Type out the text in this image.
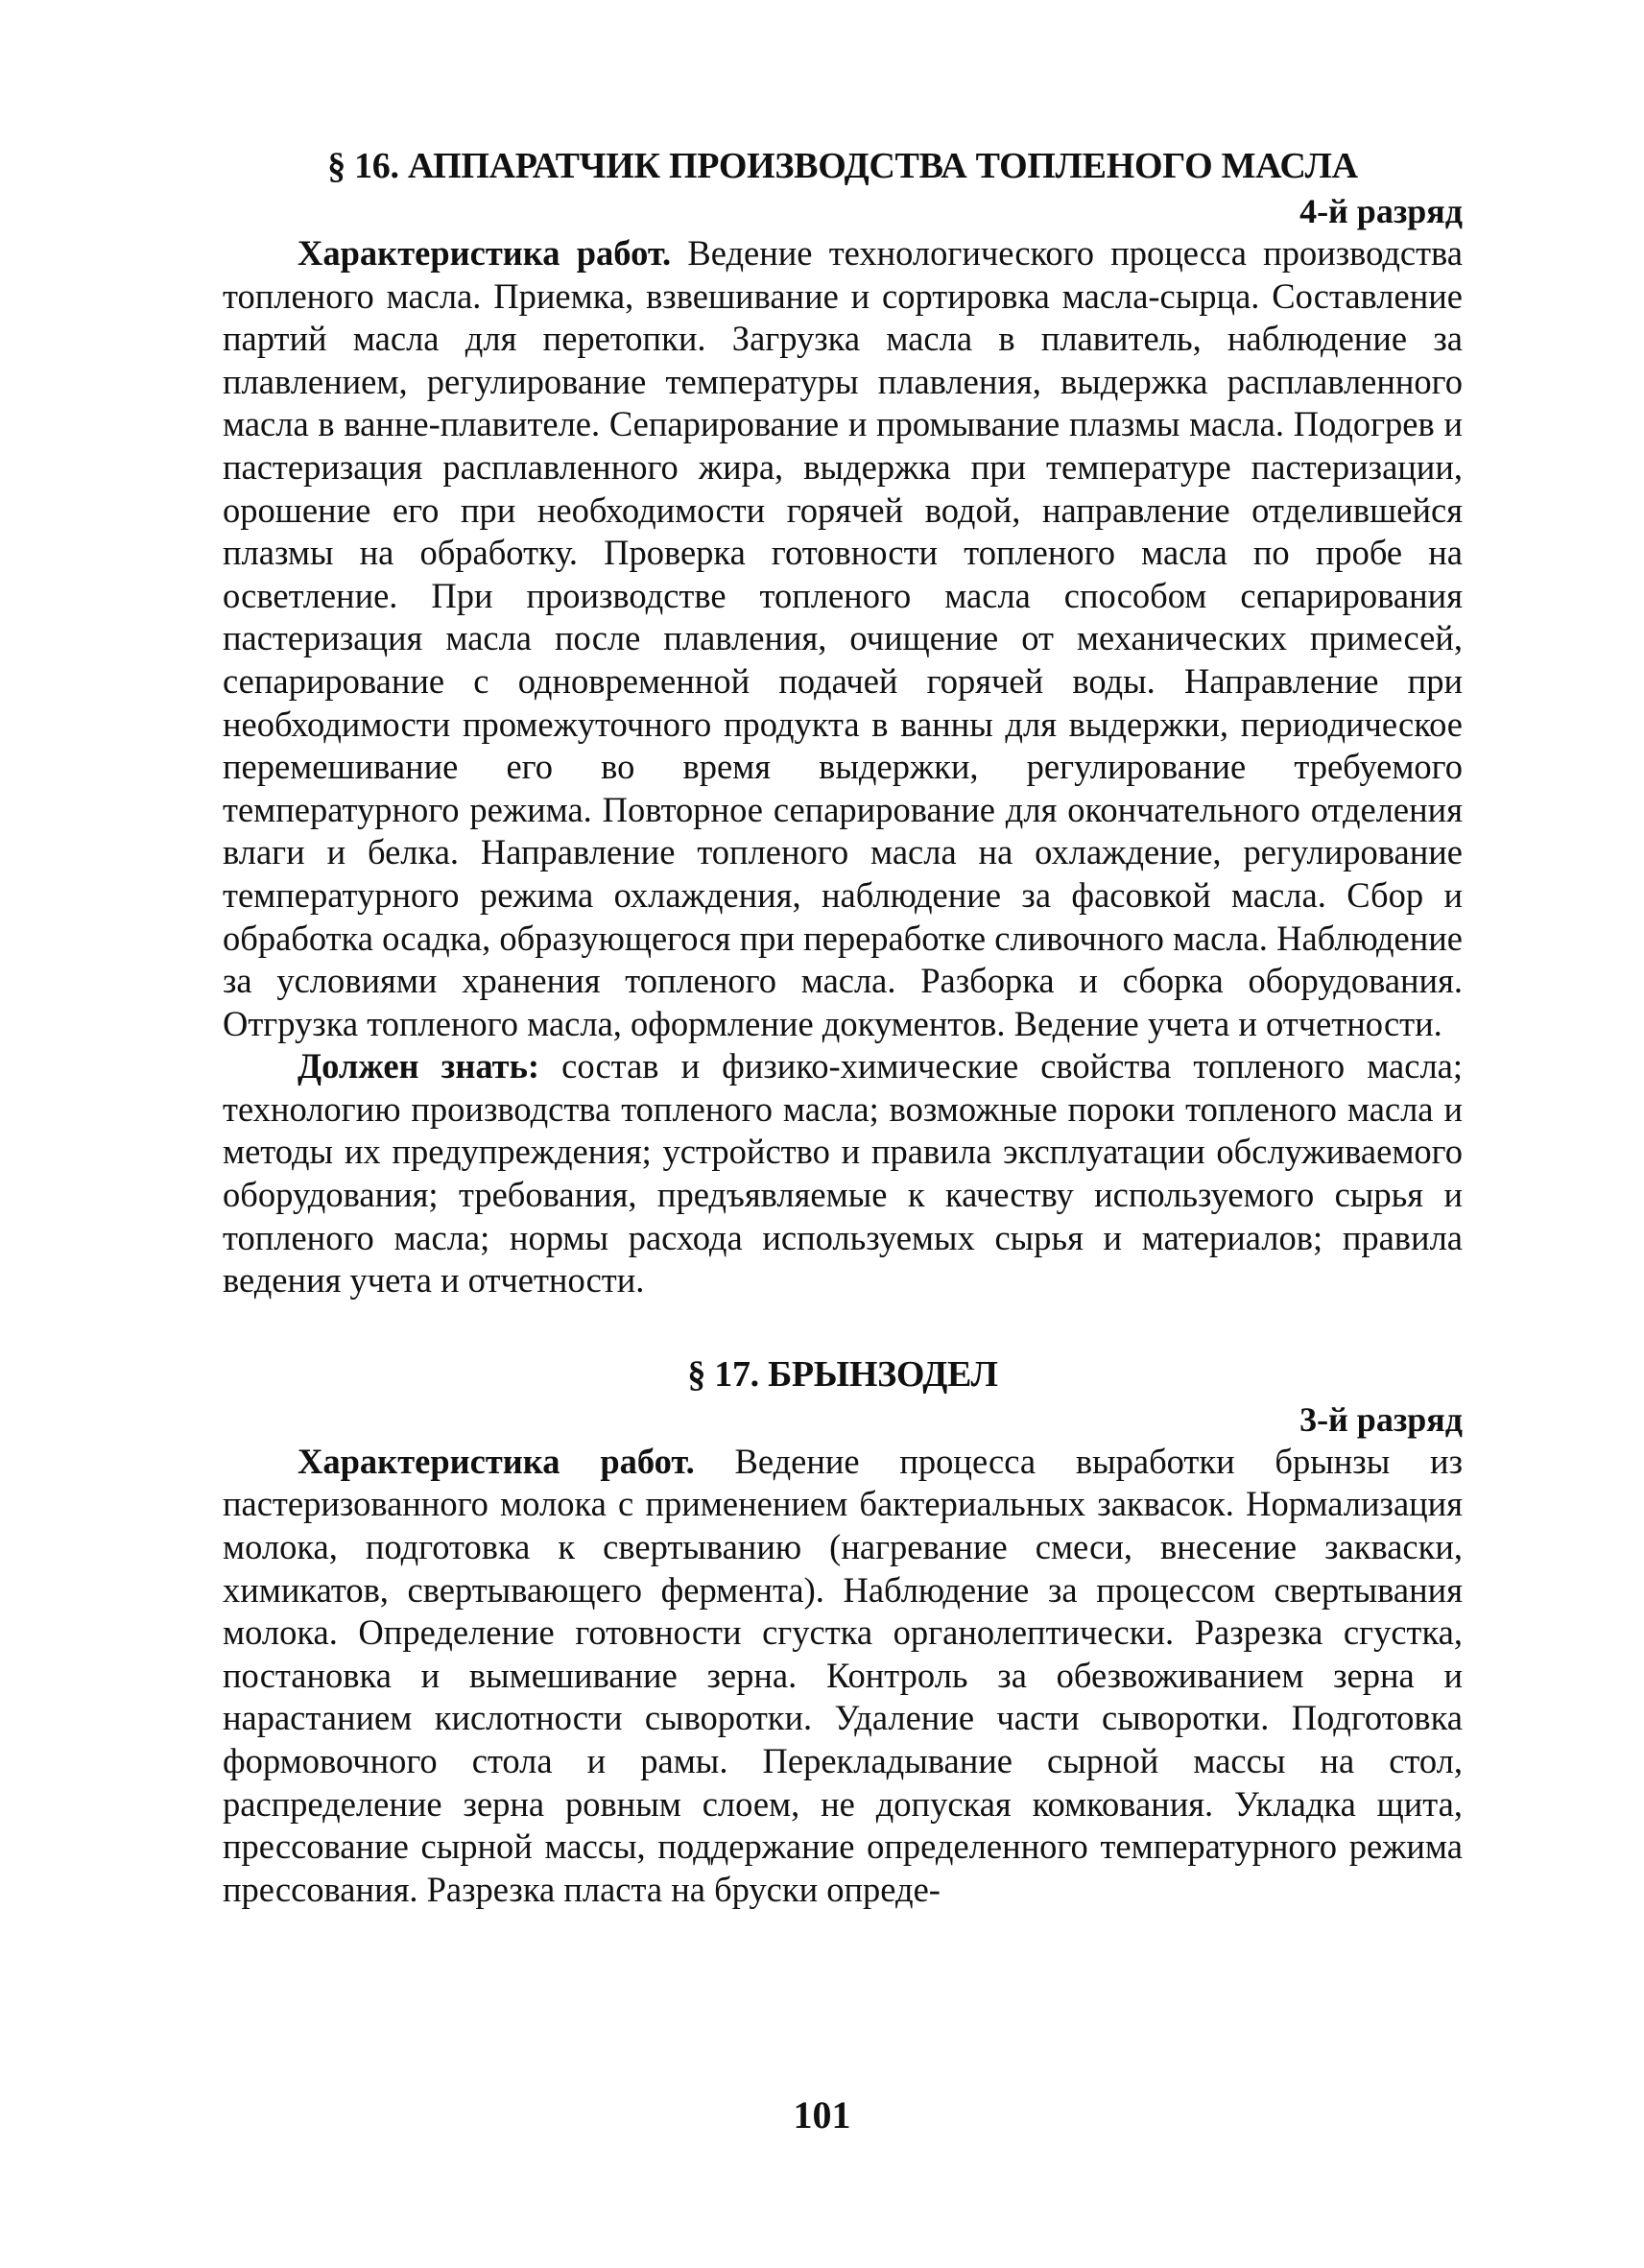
§ 16. АППАРАТЧИК ПРОИЗВОДСТВА ТОПЛЕНОГО МАСЛА
4-й разряд

Характеристика работ. Ведение технологического процесса производства топленого масла. Приемка, взвешивание и сортировка масла-сырца. Составление партий масла для перетопки. Загрузка масла в плавитель, наблюдение за плавлением, регулирование температуры плавления, выдержка расплавленного масла в ванне-плавителе. Сепарирование и промывание плазмы масла. Подогрев и пастеризация расплавленного жира, выдержка при температуре пастеризации, орошение его при необходимости горячей водой, направление отделившейся плазмы на обработку. Проверка готовности топленого масла по пробе на осветление. При производстве топленого масла способом сепарирования пастеризация масла после плавления, очищение от механических примесей, сепарирование с одновременной подачей горячей воды. Направление при необходимости промежуточного продукта в ванны для выдержки, периодическое перемешивание его во время выдержки, регулирование требуемого температурного режима. Повторное сепарирование для окончательного отделения влаги и белка. Направление топленого масла на охлаждение, регулирование температурного режима охлаждения, наблюдение за фасовкой масла. Сбор и обработка осадка, образующегося при переработке сливочного масла. Наблюдение за условиями хранения топленого масла. Разборка и сборка оборудования. Отгрузка топленого масла, оформление документов. Ведение учета и отчетности.

Должен знать: состав и физико-химические свойства топленого масла; технологию производства топленого масла; возможные пороки топленого масла и методы их предупреждения; устройство и правила эксплуатации обслуживаемого оборудования; требования, предъявляемые к качеству используемого сырья и топленого масла; нормы расхода используемых сырья и материалов; правила ведения учета и отчетности.

§ 17. БРЫНЗОДЕЛ
3-й разряд

Характеристика работ. Ведение процесса выработки брынзы из пастеризованного молока с применением бактериальных заквасок. Нормализация молока, подготовка к свертыванию (нагревание смеси, внесение закваски, химикатов, свертывающего фермента). Наблюдение за процессом свертывания молока. Определение готовности сгустка органолептически. Разрезка сгустка, постановка и вымешивание зерна. Контроль за обезвоживанием зерна и нарастанием кислотности сыворотки. Удаление части сыворотки. Подготовка формовочного стола и рамы. Перекладывание сырной массы на стол, распределение зерна ровным слоем, не допуская комкования. Укладка щита, прессование сырной массы, поддержание определенного температурного режима прессования. Разрезка пласта на бруски опреде-

101
